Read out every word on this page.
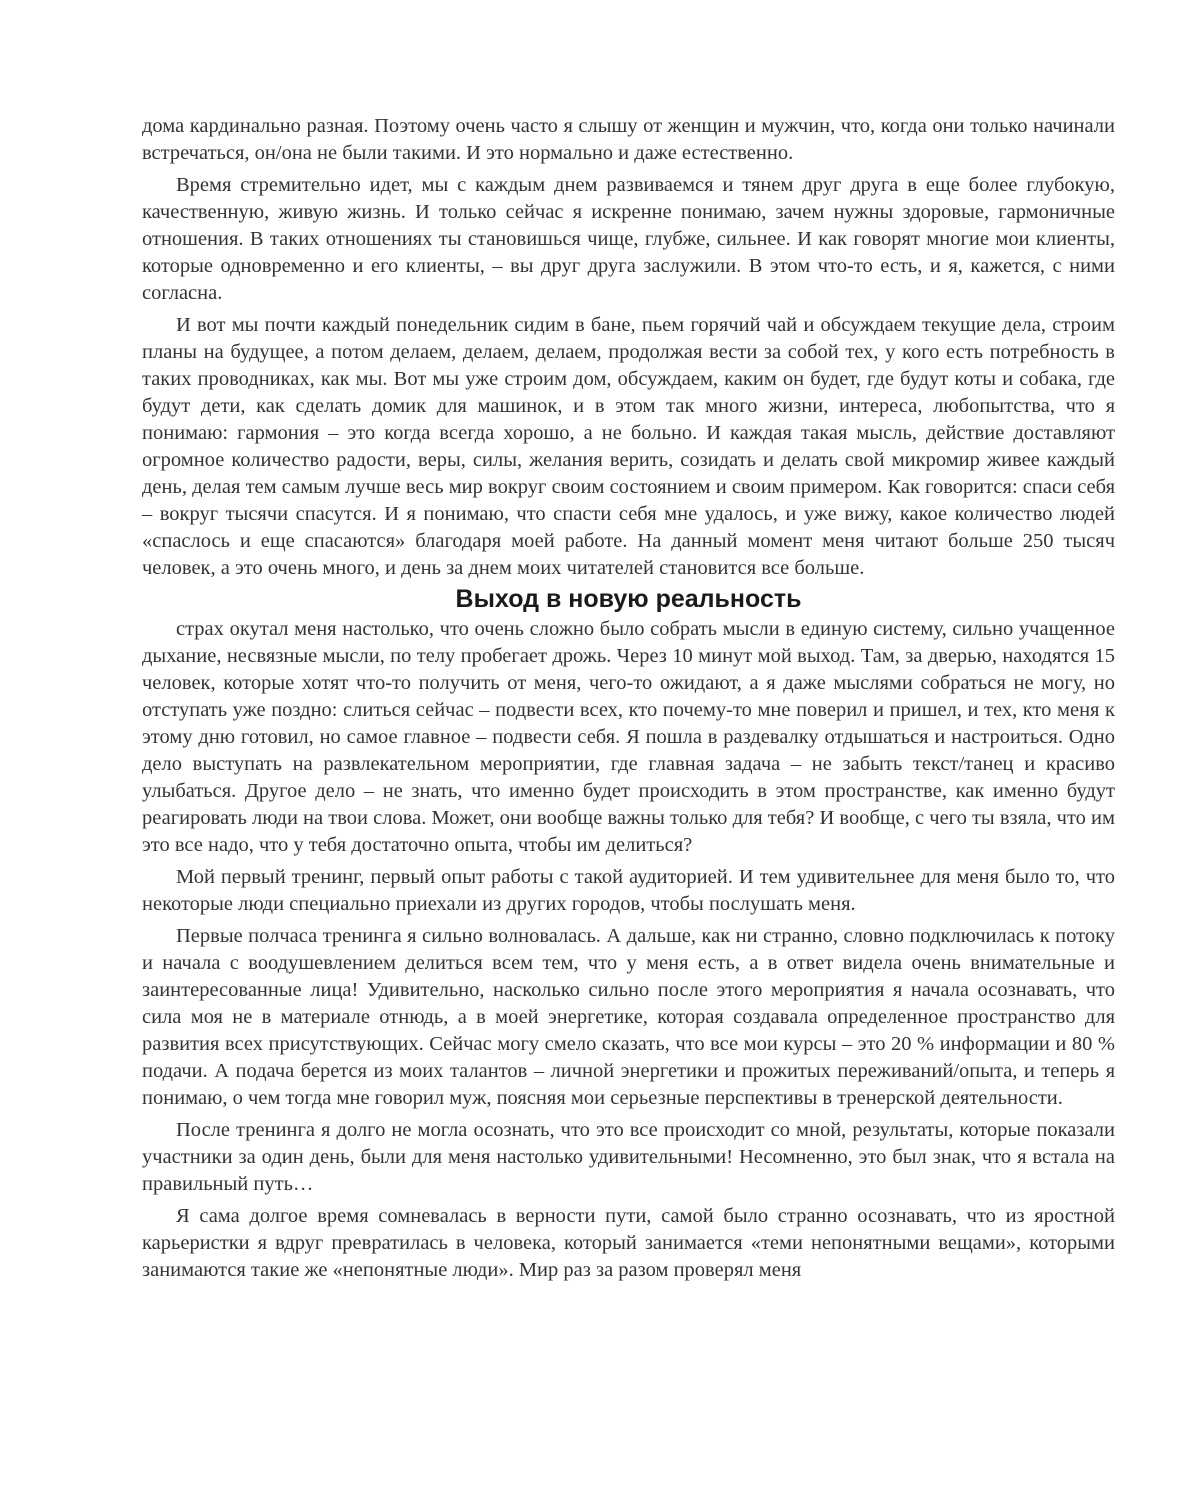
дома кардинально разная. Поэтому очень часто я слышу от женщин и мужчин, что, когда они только начинали встречаться, он/она не были такими. И это нормально и даже естественно.

Время стремительно идет, мы с каждым днем развиваемся и тянем друг друга в еще более глубокую, качественную, живую жизнь. И только сейчас я искренне понимаю, зачем нужны здоровые, гармоничные отношения. В таких отношениях ты становишься чище, глубже, сильнее. И как говорят многие мои клиенты, которые одновременно и его клиенты, – вы друг друга заслужили. В этом что-то есть, и я, кажется, с ними согласна.

И вот мы почти каждый понедельник сидим в бане, пьем горячий чай и обсуждаем текущие дела, строим планы на будущее, а потом делаем, делаем, делаем, продолжая вести за собой тех, у кого есть потребность в таких проводниках, как мы. Вот мы уже строим дом, обсуждаем, каким он будет, где будут коты и собака, где будут дети, как сделать домик для машинок, и в этом так много жизни, интереса, любопытства, что я понимаю: гармония – это когда всегда хорошо, а не больно. И каждая такая мысль, действие доставляют огромное количество радости, веры, силы, желания верить, созидать и делать свой микромир живее каждый день, делая тем самым лучше весь мир вокруг своим состоянием и своим примером. Как говорится: спаси себя – вокруг тысячи спасутся. И я понимаю, что спасти себя мне удалось, и уже вижу, какое количество людей «спаслось и еще спасаются» благодаря моей работе. На данный момент меня читают больше 250 тысяч человек, а это очень много, и день за днем моих читателей становится все больше.

Выход в новую реальность

страх окутал меня настолько, что очень сложно было собрать мысли в единую систему, сильно учащенное дыхание, несвязные мысли, по телу пробегает дрожь. Через 10 минут мой выход. Там, за дверью, находятся 15 человек, которые хотят что-то получить от меня, чего-то ожидают, а я даже мыслями собраться не могу, но отступать уже поздно: слиться сейчас – подвести всех, кто почему-то мне поверил и пришел, и тех, кто меня к этому дню готовил, но самое главное – подвести себя. Я пошла в раздевалку отдышаться и настроиться. Одно дело выступать на развлекательном мероприятии, где главная задача – не забыть текст/танец и красиво улыбаться. Другое дело – не знать, что именно будет происходить в этом пространстве, как именно будут реагировать люди на твои слова. Может, они вообще важны только для тебя? И вообще, с чего ты взяла, что им это все надо, что у тебя достаточно опыта, чтобы им делиться?

Мой первый тренинг, первый опыт работы с такой аудиторией. И тем удивительнее для меня было то, что некоторые люди специально приехали из других городов, чтобы послушать меня.

Первые полчаса тренинга я сильно волновалась. А дальше, как ни странно, словно подключилась к потоку и начала с воодушевлением делиться всем тем, что у меня есть, а в ответ видела очень внимательные и заинтересованные лица! Удивительно, насколько сильно после этого мероприятия я начала осознавать, что сила моя не в материале отнюдь, а в моей энергетике, которая создавала определенное пространство для развития всех присутствующих. Сейчас могу смело сказать, что все мои курсы – это 20 % информации и 80 % подачи. А подача берется из моих талантов – личной энергетики и прожитых переживаний/опыта, и теперь я понимаю, о чем тогда мне говорил муж, поясняя мои серьезные перспективы в тренерской деятельности.

После тренинга я долго не могла осознать, что это все происходит со мной, результаты, которые показали участники за один день, были для меня настолько удивительными! Несомненно, это был знак, что я встала на правильный путь…

Я сама долгое время сомневалась в верности пути, самой было странно осознавать, что из яростной карьеристки я вдруг превратилась в человека, который занимается «теми непонятными вещами», которыми занимаются такие же «непонятные люди». Мир раз за разом проверял меня
